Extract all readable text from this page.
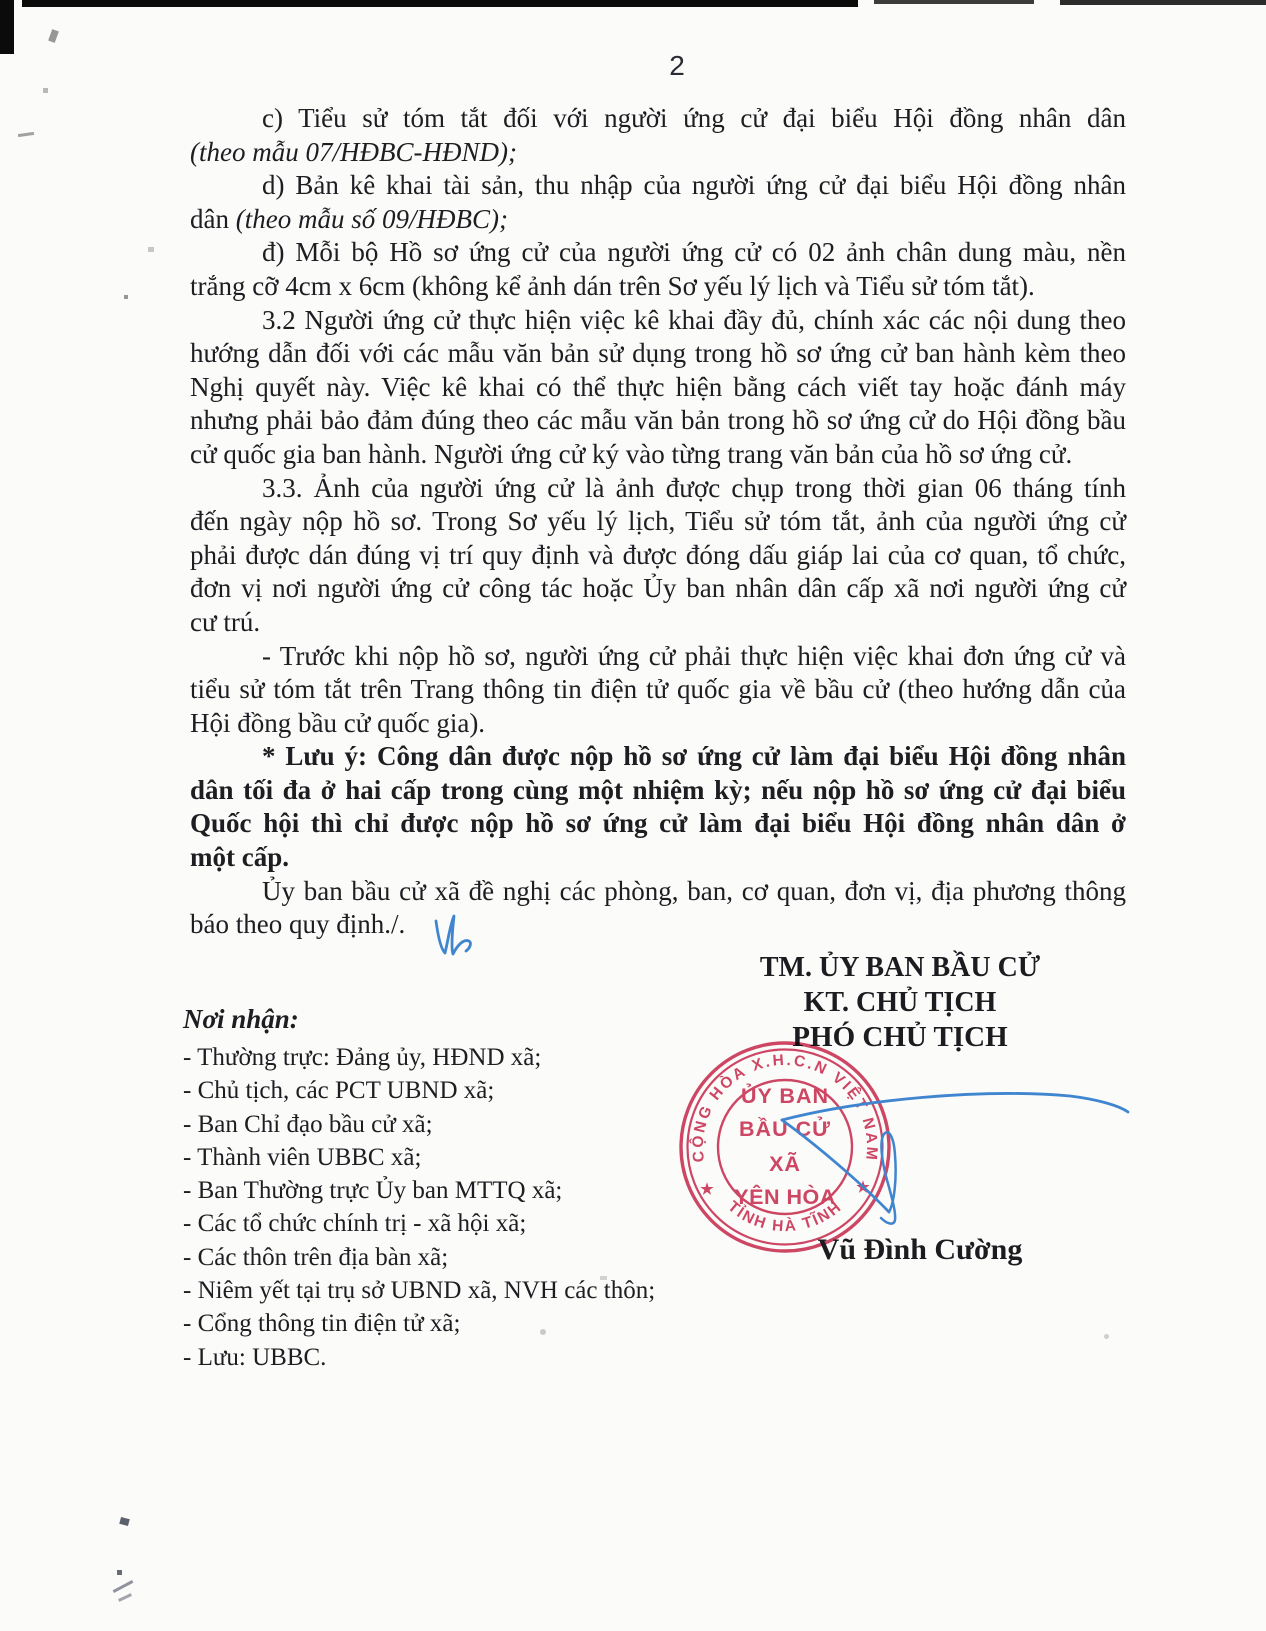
2
c) Tiểu sử tóm tắt đối với người ứng cử đại biểu Hội đồng nhân dân
(theo mẫu 07/HĐBC-HĐND);
d) Bản kê khai tài sản, thu nhập của người ứng cử đại biểu Hội đồng nhân
dân (theo mẫu số 09/HĐBC);
đ) Mỗi bộ Hồ sơ ứng cử của người ứng cử có 02 ảnh chân dung màu, nền
trắng cỡ 4cm x 6cm (không kể ảnh dán trên Sơ yếu lý lịch và Tiểu sử tóm tắt).
3.2 Người ứng cử thực hiện việc kê khai đầy đủ, chính xác các nội dung theo
hướng dẫn đối với các mẫu văn bản sử dụng trong hồ sơ ứng cử ban hành kèm theo
Nghị quyết này. Việc kê khai có thể thực hiện bằng cách viết tay hoặc đánh máy
nhưng phải bảo đảm đúng theo các mẫu văn bản trong hồ sơ ứng cử do Hội đồng bầu
cử quốc gia ban hành. Người ứng cử ký vào từng trang văn bản của hồ sơ ứng cử.
3.3. Ảnh của người ứng cử là ảnh được chụp trong thời gian 06 tháng tính
đến ngày nộp hồ sơ. Trong Sơ yếu lý lịch, Tiểu sử tóm tắt, ảnh của người ứng cử
phải được dán đúng vị trí quy định và được đóng dấu giáp lai của cơ quan, tổ chức,
đơn vị nơi người ứng cử công tác hoặc Ủy ban nhân dân cấp xã nơi người ứng cử
cư trú.
- Trước khi nộp hồ sơ, người ứng cử phải thực hiện việc khai đơn ứng cử và
tiểu sử tóm tắt trên Trang thông tin điện tử quốc gia về bầu cử (theo hướng dẫn của
Hội đồng bầu cử quốc gia).
* Lưu ý: Công dân được nộp hồ sơ ứng cử làm đại biểu Hội đồng nhân
dân tối đa ở hai cấp trong cùng một nhiệm kỳ; nếu nộp hồ sơ ứng cử đại biểu
Quốc hội thì chỉ được nộp hồ sơ ứng cử làm đại biểu Hội đồng nhân dân ở
một cấp.
Ủy ban bầu cử xã đề nghị các phòng, ban, cơ quan, đơn vị, địa phương thông
báo theo quy định./.
Nơi nhận:
- Thường trực: Đảng ủy, HĐND xã;
- Chủ tịch, các PCT UBND xã;
- Ban Chỉ đạo bầu cử xã;
- Thành viên UBBC xã;
- Ban Thường trực Ủy ban MTTQ xã;
- Các tổ chức chính trị - xã hội xã;
- Các thôn trên địa bàn xã;
- Niêm yết tại trụ sở UBND xã, NVH các thôn;
- Cổng thông tin điện tử xã;
- Lưu: UBBC.
TM. ỦY BAN BẦU CỬ
KT. CHỦ TỊCH
PHÓ CHỦ TỊCH
Vũ Đình Cường
CỘNG HÒA X.H.C.N VIỆT NAM
TỈNH HÀ TĨNH
★	★
ỦY BAN
BẦU CỬ
XÃ
YÊN HÒA
